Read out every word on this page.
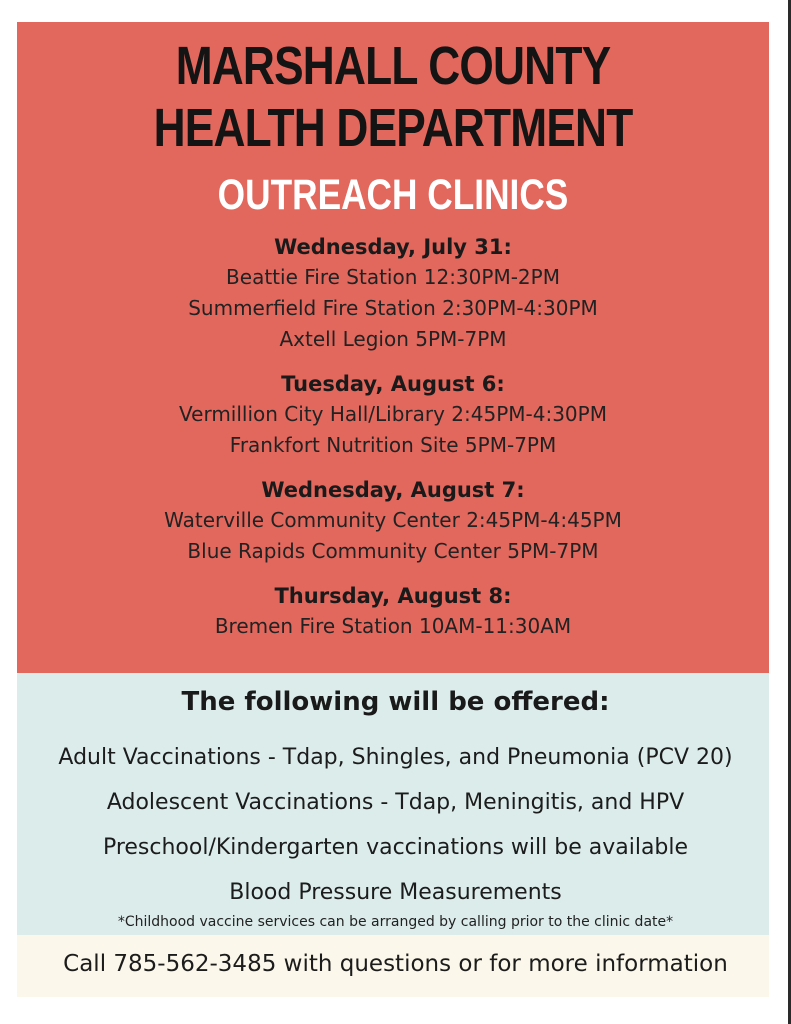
MARSHALL COUNTY
HEALTH DEPARTMENT
OUTREACH CLINICS

Wednesday, July 31:

Beattie Fire Station 12:30PM-2PM

Summerfield Fire Station 2:30PM-4:30PM

Axtell Legion 5PM-7PM

Tuesday, August 6:

Vermillion City Hall/Library 2:45PM-4:30PM

Frankfort Nutrition Site 5PM-7PM

Wednesday, August 7:

Waterville Community Center 2:45PM-4:45PM

Blue Rapids Community Center 5PM-7PM

Thursday, August 8:

Bremen Fire Station 10AM-11:30AM

The following will be offered:
Adult Vaccinations - Tdap, Shingles, and Pneumonia (PCV 20)
Adolescent Vaccinations - Tdap, Meningitis, and HPV
Preschool/Kindergarten vaccinations will be available
Blood Pressure Measurements

*Childhood vaccine services can be arranged by calling prior to the clinic date*

Call 785-562-3485 with questions or for more information
